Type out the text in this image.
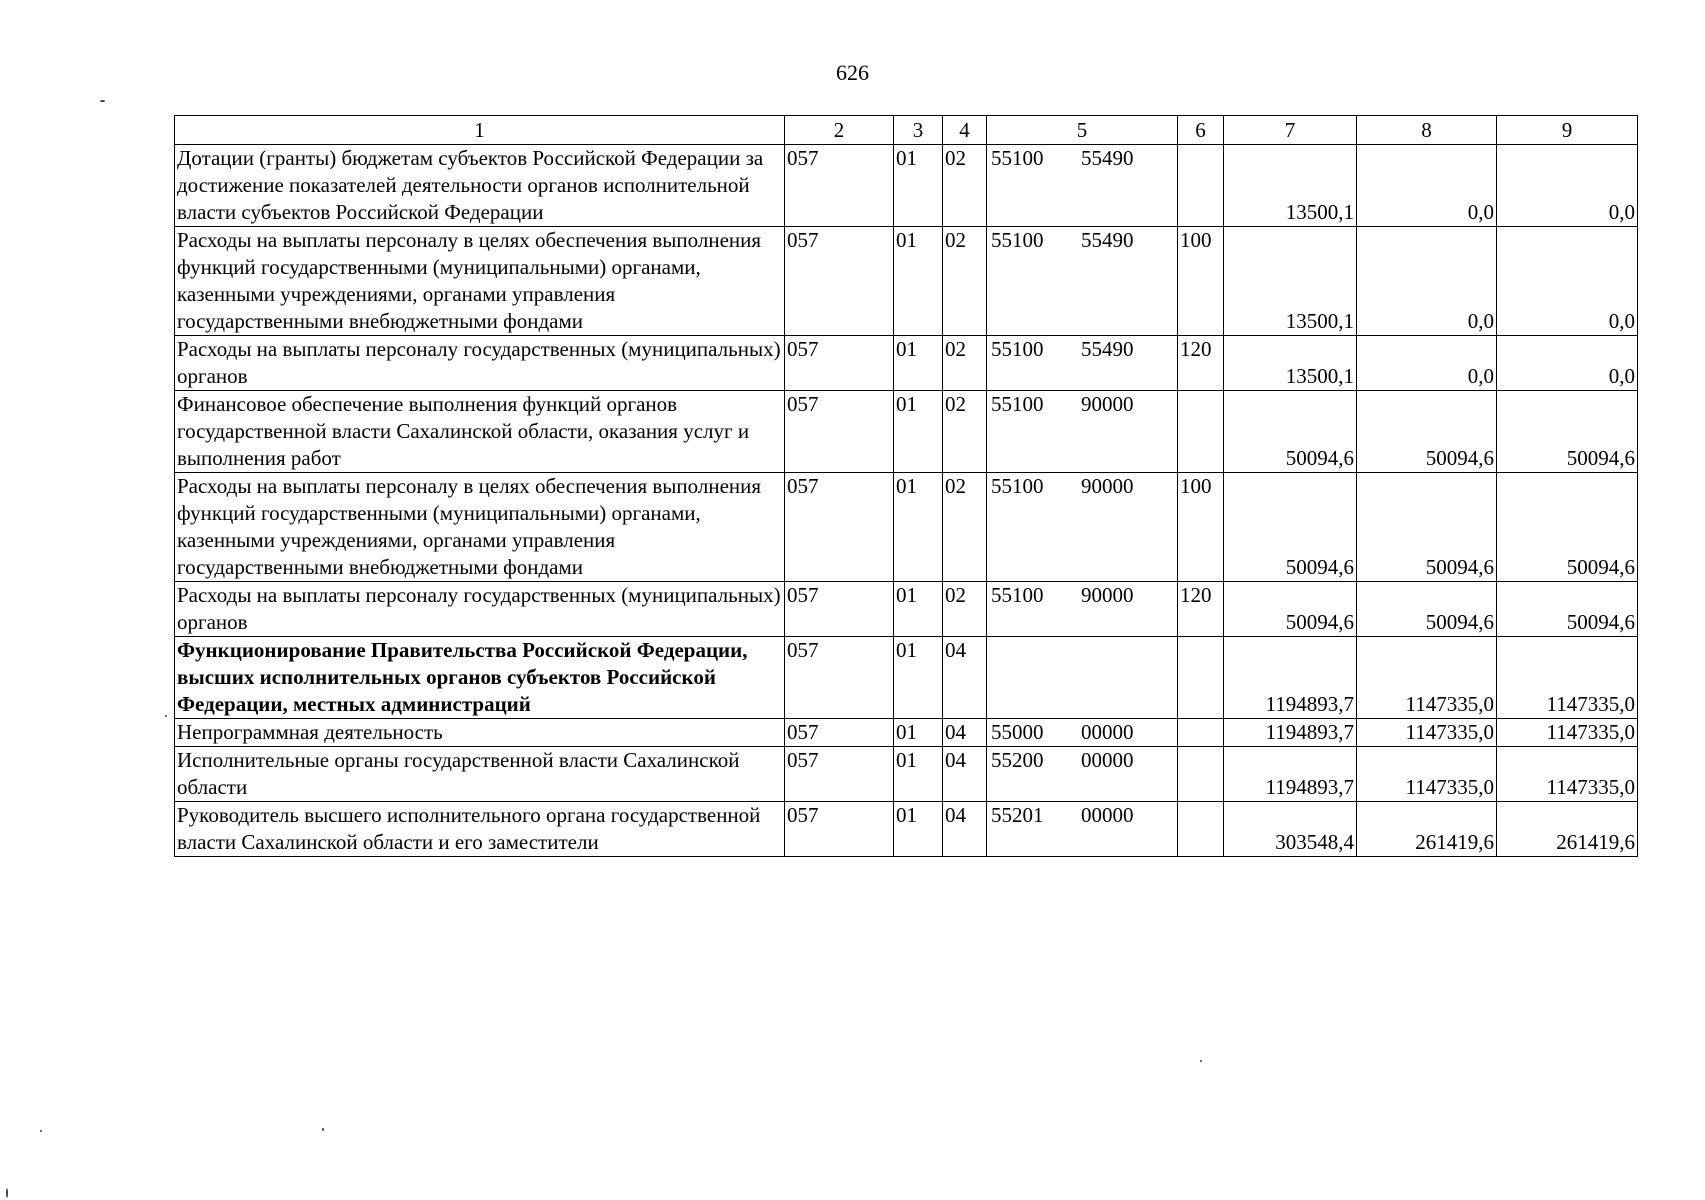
626
1	2	3	4	5	6	7	8	9
Дотации (гранты) бюджетам субъектов Российской Федерации за достижение показателей деятельности органов исполнительной власти субъектов Российской Федерации	057	01	02	55100 55490		13500,1	0,0	0,0
Расходы на выплаты персоналу в целях обеспечения выполнения функций государственными (муниципальными) органами, казенными учреждениями, органами управления государственными внебюджетными фондами	057	01	02	55100 55490	100	13500,1	0,0	0,0
Расходы на выплаты персоналу государственных (муниципальных) органов	057	01	02	55100 55490	120	13500,1	0,0	0,0
Финансовое обеспечение выполнения функций органов государственной власти Сахалинской области, оказания услуг и выполнения работ	057	01	02	55100 90000		50094,6	50094,6	50094,6
Расходы на выплаты персоналу в целях обеспечения выполнения функций государственными (муниципальными) органами, казенными учреждениями, органами управления государственными внебюджетными фондами	057	01	02	55100 90000	100	50094,6	50094,6	50094,6
Расходы на выплаты персоналу государственных (муниципальных) органов	057	01	02	55100 90000	120	50094,6	50094,6	50094,6
Функционирование Правительства Российской Федерации, высших исполнительных органов субъектов Российской Федерации, местных администраций	057	01	04			1194893,7	1147335,0	1147335,0
Непрограммная деятельность	057	01	04	55000 00000		1194893,7	1147335,0	1147335,0
Исполнительные органы государственной власти Сахалинской области	057	01	04	55200 00000		1194893,7	1147335,0	1147335,0
Руководитель высшего исполнительного органа государственной власти Сахалинской области и его заместители	057	01	04	55201 00000		303548,4	261419,6	261419,6
